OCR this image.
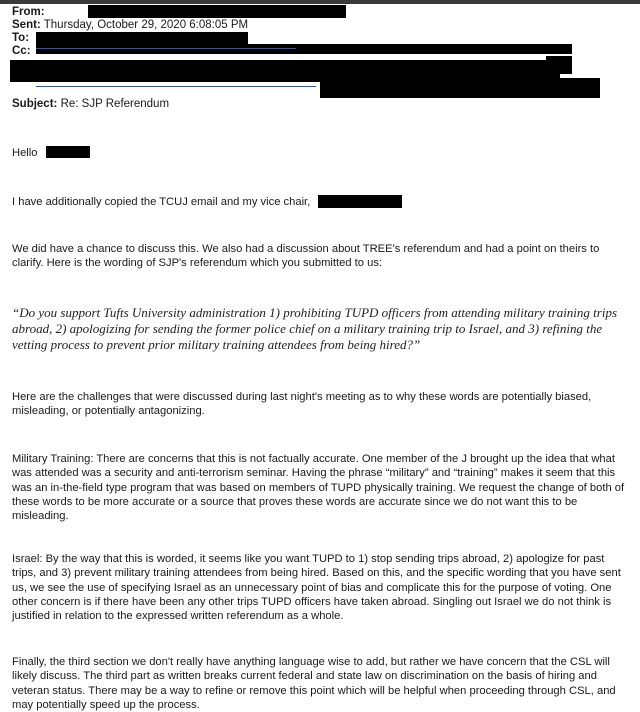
From:
Sent: Thursday, October 29, 2020 6:08:05 PM
To:
Cc:
Subject: Re: SJP Referendum

Hello

I have additionally copied the TCUJ email and my vice chair,

We did have a chance to discuss this. We also had a discussion about TREE's referendum and had a point on theirs to clarify. Here is the wording of SJP's referendum which you submitted to us:

“Do you support Tufts University administration 1) prohibiting TUPD officers from attending military training trips abroad, 2) apologizing for sending the former police chief on a military training trip to Israel, and 3) refining the vetting process to prevent prior military training attendees from being hired?”

Here are the challenges that were discussed during last night's meeting as to why these words are potentially biased, misleading, or potentially antagonizing.

Military Training: There are concerns that this is not factually accurate. One member of the J brought up the idea that what was attended was a security and anti-terrorism seminar. Having the phrase “military” and “training” makes it seem that this was an in-the-field type program that was based on members of TUPD physically training. We request the change of both of these words to be more accurate or a source that proves these words are accurate since we do not want this to be misleading.

Israel: By the way that this is worded, it seems like you want TUPD to 1) stop sending trips abroad, 2) apologize for past trips, and 3) prevent military training attendees from being hired. Based on this, and the specific wording that you have sent us, we see the use of specifying Israel as an unnecessary point of bias and complicate this for the purpose of voting. One other concern is if there have been any other trips TUPD officers have taken abroad. Singling out Israel we do not think is justified in relation to the expressed written referendum as a whole.

Finally, the third section we don't really have anything language wise to add, but rather we have concern that the CSL will likely discuss. The third part as written breaks current federal and state law on discrimination on the basis of hiring and veteran status. There may be a way to refine or remove this point which will be helpful when proceeding through CSL, and may potentially speed up the process.
